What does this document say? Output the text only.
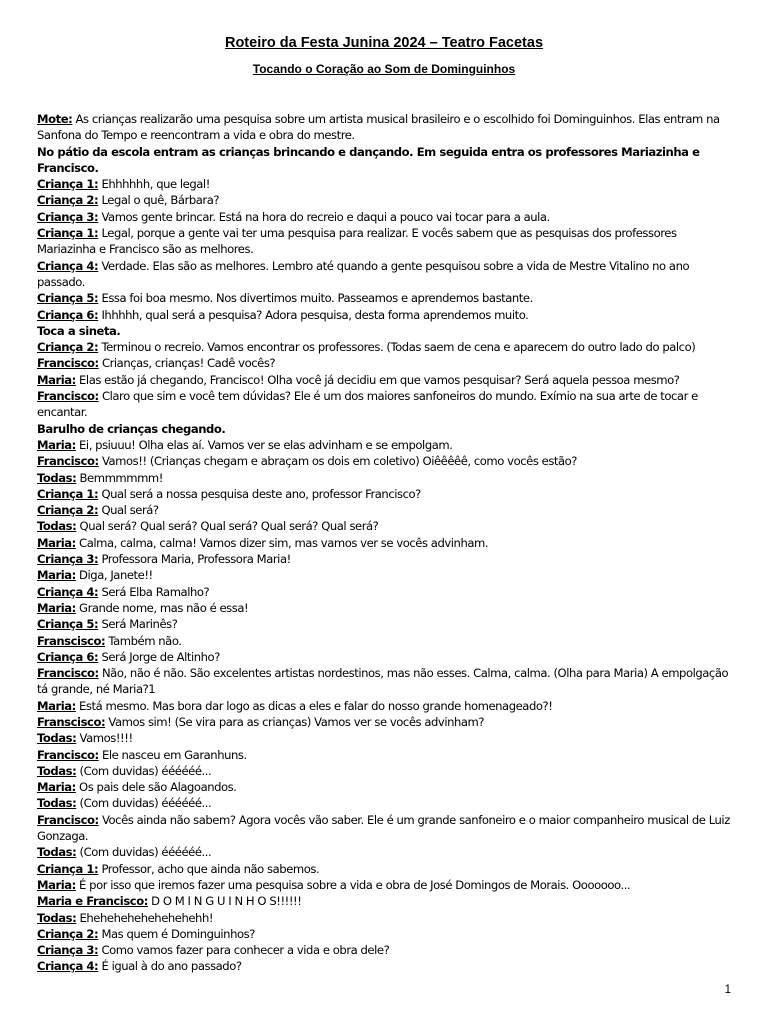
Roteiro da Festa Junina 2024 – Teatro Facetas
Tocando o Coração ao Som de Dominguinhos

Mote: As crianças realizarão uma pesquisa sobre um artista musical brasileiro e o escolhido foi Dominguinhos. Elas entram na Sanfona do Tempo e reencontram a vida e obra do mestre.

No pátio da escola entram as crianças brincando e dançando. Em seguida entra os professores Mariazinha e Francisco.

Criança 1: Ehhhhhh, que legal!

Criança 2: Legal o quê, Bárbara?

Criança 3: Vamos gente brincar. Está na hora do recreio e daqui a pouco vai tocar para a aula.

Criança 1: Legal, porque a gente vai ter uma pesquisa para realizar. E vocês sabem que as pesquisas dos professores Mariazinha e Francisco são as melhores.

Criança 4: Verdade. Elas são as melhores. Lembro até quando a gente pesquisou sobre a vida de Mestre Vitalino no ano passado.

Criança 5: Essa foi boa mesmo. Nos divertimos muito. Passeamos e aprendemos bastante.

Criança 6: Ihhhhh, qual será a pesquisa? Adora pesquisa, desta forma aprendemos muito.

Toca a sineta.

Criança 2: Terminou o recreio. Vamos encontrar os professores. (Todas saem de cena e aparecem do outro lado do palco)

Francisco: Crianças, crianças! Cadê vocês?

Maria: Elas estão já chegando, Francisco! Olha você já decidiu em que vamos pesquisar? Será aquela pessoa mesmo?

Francisco: Claro que sim e você tem dúvidas? Ele é um dos maiores sanfoneiros do mundo. Exímio na sua arte de tocar e encantar.

Barulho de crianças chegando.

Maria: Ei, psiuuu! Olha elas aí. Vamos ver se elas advinham e se empolgam.

Francisco: Vamos!! (Crianças chegam e abraçam os dois em coletivo) Oiêêêêê, como vocês estão?

Todas: Bemmmmmm!

Criança 1: Qual será a nossa pesquisa deste ano, professor Francisco?

Criança 2: Qual será?

Todas: Qual será? Qual será? Qual será? Qual será? Qual será?

Maria: Calma, calma, calma! Vamos dizer sim, mas vamos ver se vocês advinham.

Criança 3: Professora Maria, Professora Maria!

Maria: Diga, Janete!!

Criança 4: Será Elba Ramalho?

Maria: Grande nome, mas não é essa!

Criança 5: Será Marinês?

Franscisco: Também não.

Criança 6: Será Jorge de Altinho?

Francisco: Não, não é não. São excelentes artistas nordestinos, mas não esses. Calma, calma. (Olha para Maria) A empolgação tá grande, né Maria?1

Maria: Está mesmo. Mas bora dar logo as dicas a eles e falar do nosso grande homenageado?!

Franscisco: Vamos sim! (Se vira para as crianças) Vamos ver se vocês advinham?

Todas: Vamos!!!!

Francisco: Ele nasceu em Garanhuns.

Todas: (Com duvidas) éééééé...

Maria: Os pais dele são Alagoandos.

Todas: (Com duvidas) éééééé...

Francisco: Vocês ainda não sabem? Agora vocês vão saber. Ele é um grande sanfoneiro e o maior companheiro musical de Luiz Gonzaga.

Todas: (Com duvidas) éééééé...

Criança 1: Professor, acho que ainda não sabemos.

Maria: É por isso que iremos fazer uma pesquisa sobre a vida e obra de José Domingos de Morais. Ooooooo...

Maria e Francisco: D O M I N G U I N H O S!!!!!!

Todas: Ehehehehehehehehehh!

Criança 2: Mas quem é Dominguinhos?

Criança 3: Como vamos fazer para conhecer a vida e obra dele?

Criança 4: É igual à do ano passado?

1
